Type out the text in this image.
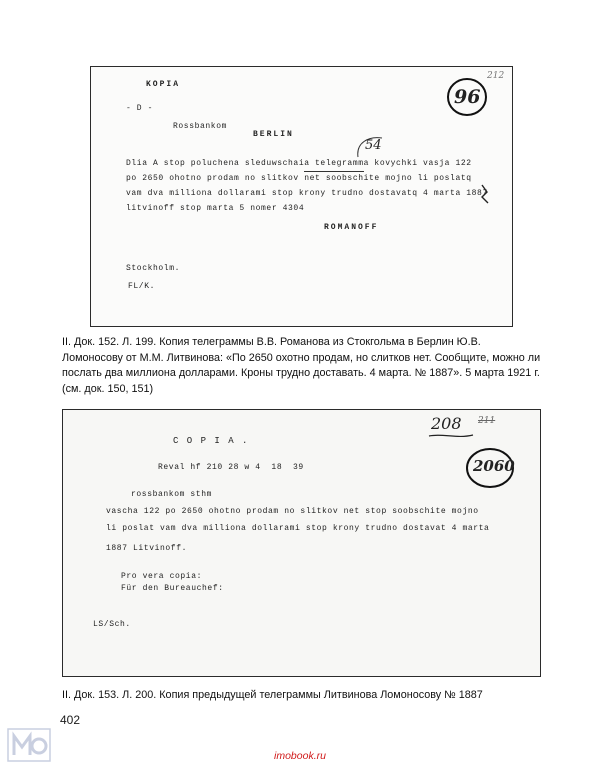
KOPIA
- D -
Rossbankom
BERLIN
Dlia A stop poluchena sleduwschaia telegramma kovychki vasja 122
po 2650 ohotno prodam no slitkov net soobschite mojno li poslatq
vam dva milliona dollarami stop krony trudno dostavatq 4 marta 1887
litvinoff stop marta 5 nomer 4304
ROMANOFF
Stockholm.
FL/K.
54
96
212
II. Док. 152. Л. 199. Копия телеграммы В.В. Романова из Стокгольма в Берлин Ю.В. Ломоносову от М.М. Литвинова: «По 2650 охотно продам, но слитков нет. Сообщите, можно ли послать два миллиона долларами. Кроны трудно доставать. 4 марта. № 1887». 5 марта 1921 г. (см. док. 150, 151)
C O P I A .
Reval hf 210 28 w 4  18  39
rossbankom sthm
vascha 122 po 2650 ohotno prodam no slitkov net stop soobschite mojno
li poslat vam dva milliona dollarami stop krony trudno dostavat 4 marta
1887 Litvinoff.
Pro vera copia:
Für den Bureauchef:
LS/Sch.
208 211
2060
II. Док. 153. Л. 200. Копия предыдущей телеграммы Литвинова Ломоносову № 1887
402
imobook.ru
